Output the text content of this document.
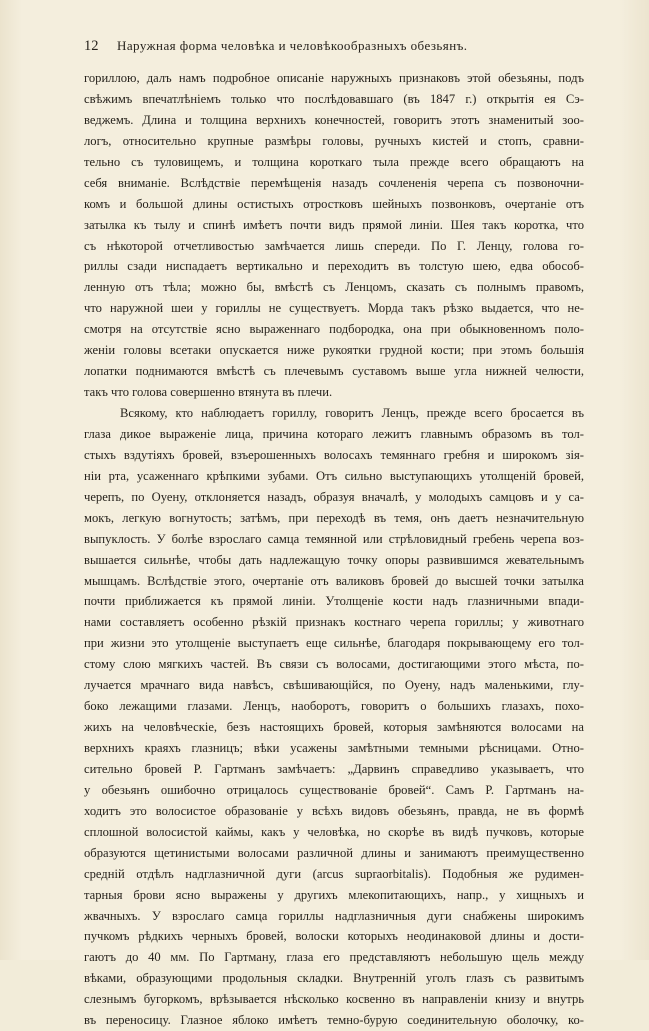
12 Наружная форма человѣка и человѣкообразныхъ обезьянъ.
гориллою, далъ намъ подробное описаніе наружныхъ признаковъ этой обезьяны, подъ
свѣжимъ впечатлѣніемъ только что послѣдовавшаго (въ 1847 г.) открытія ея Сэ-
веджемъ. Длина и толщина верхнихъ конечностей, говоритъ этотъ знаменитый зоо-
логъ, относительно крупные размѣры головы, ручныхъ кистей и стопъ, сравни-
тельно съ туловищемъ, и толщина короткаго тыла прежде всего обращаютъ на
себя вниманіе. Вслѣдствіе перемѣщенія назадъ сочлененія черепа съ позвоночни-
комъ и большой длины остистыхъ отростковъ шейныхъ позвонковъ, очертаніе отъ
затылка къ тылу и спинѣ имѣетъ почти видъ прямой линіи. Шея такъ коротка, что
съ нѣкоторой отчетливостью замѣчается лишь спереди. По Г. Ленцу, голова го-
риллы сзади ниспадаетъ вертикально и переходитъ въ толстую шею, едва обособ-
ленную отъ тѣла; можно бы, вмѣстѣ съ Ленцомъ, сказать съ полнымъ правомъ,
что наружной шеи у гориллы не существуетъ. Морда такъ рѣзко выдается, что не-
смотря на отсутствіе ясно выраженнаго подбородка, она при обыкновенномъ поло-
женіи головы всетаки опускается ниже рукоятки грудной кости; при этомъ большія
лопатки поднимаются вмѣстѣ съ плечевымъ суставомъ выше угла нижней челюсти,
такъ что голова совершенно втянута въ плечи.
Всякому, кто наблюдаетъ гориллу, говоритъ Ленцъ, прежде всего бросается въ
глаза дикое выраженіе лица, причина котораго лежитъ главнымъ образомъ въ тол-
стыхъ вздутіяхъ бровей, взъерошенныхъ волосахъ темяннаго гребня и широкомъ зія-
ніи рта, усаженнаго крѣпкими зубами. Отъ сильно выступающихъ утолщеній бровей,
черепъ, по Оуену, отклоняется назадъ, образуя вначалѣ, у молодыхъ самцовъ и у са-
мокъ, легкую вогнутость; затѣмъ, при переходѣ въ темя, онъ даетъ незначительную
выпуклость. У болѣе взрослаго самца темянной или стрѣловидный гребень черепа воз-
вышается сильнѣе, чтобы дать надлежащую точку опоры развившимся жевательнымъ
мышцамъ. Вслѣдствіе этого, очертаніе отъ валиковъ бровей до высшей точки затылка
почти приближается къ прямой линіи. Утолщеніе кости надъ глазничными впади-
нами составляетъ особенно рѣзкій признакъ костнаго черепа гориллы; у животнаго
при жизни это утолщеніе выступаетъ еще сильнѣе, благодаря покрывающему его тол-
стому слою мягкихъ частей. Въ связи съ волосами, достигающими этого мѣста, по-
лучается мрачнаго вида навѣсъ, свѣшивающійся, по Оуену, надъ маленькими, глу-
боко лежащими глазами. Ленцъ, наоборотъ, говоритъ о большихъ глазахъ, похо-
жихъ на человѣческіе, безъ настоящихъ бровей, которыя замѣняются волосами на
верхнихъ краяхъ глазницъ; вѣки усажены замѣтными темными рѣсницами. Отно-
сительно бровей Р. Гартманъ замѣчаетъ: „Дарвинъ справедливо указываетъ, что
у обезьянъ ошибочно отрицалось существованіе бровей“. Самъ Р. Гартманъ на-
ходитъ это волосистое образованіе у всѣхъ видовъ обезьянъ, правда, не въ формѣ
сплошной волосистой каймы, какъ у человѣка, но скорѣе въ видѣ пучковъ, которые
образуются щетинистыми волосами различной длины и занимаютъ преимущественно
средній отдѣлъ надглазничной дуги (arcus supraorbitalis). Подобныя же рудимен-
тарныя брови ясно выражены у другихъ млекопитающихъ, напр., у хищныхъ и
жвачныхъ. У взрослаго самца гориллы надглазничныя дуги снабжены широкимъ
пучкомъ рѣдкихъ черныхъ бровей, волоски которыхъ неодинаковой длины и дости-
гаютъ до 40 мм. По Гартману, глаза его представляютъ небольшую щель между
вѣками, образующими продольныя складки. Внутренній уголъ глазъ съ развитымъ
слезнымъ бугоркомъ, врѣзывается нѣсколько косвенно въ направленіи книзу и внутрь
въ переносицу. Глазное яблоко имѣетъ темно-бурую соединительную оболочку, ко-
